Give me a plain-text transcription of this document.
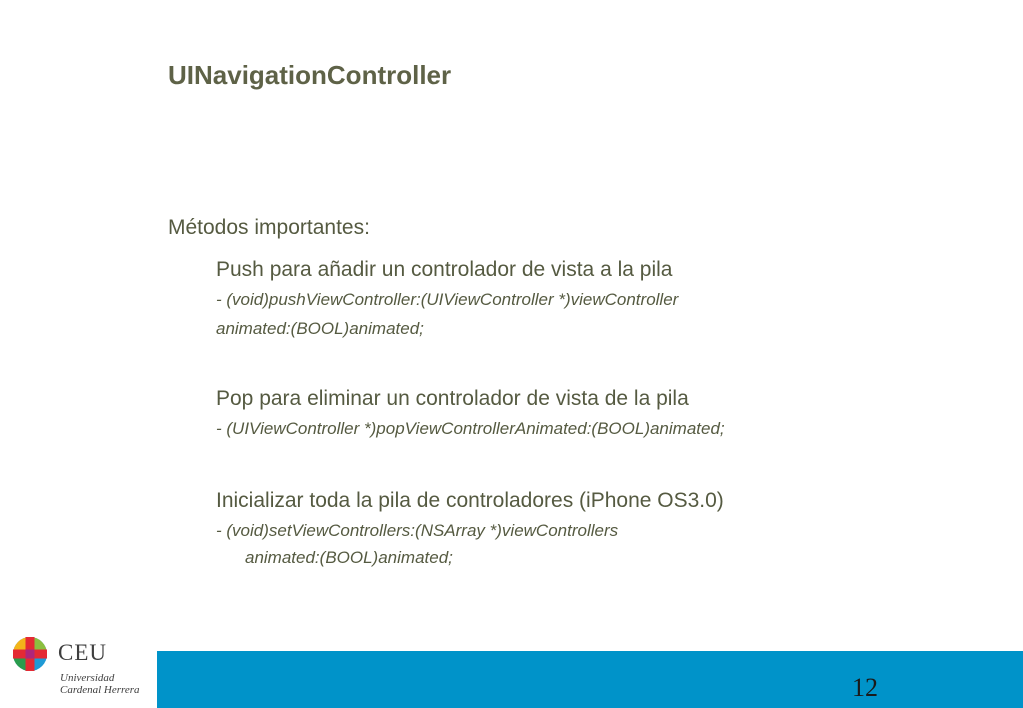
UINavigationController
Métodos importantes:
Push para añadir un controlador de vista a la pila
- (void)pushViewController:(UIViewController *)viewController
animated:(BOOL)animated;
Pop para eliminar un controlador de vista de la pila
- (UIViewController *)popViewControllerAnimated:(BOOL)animated;
Inicializar toda la pila de controladores (iPhone OS3.0)
- (void)setViewControllers:(NSArray *)viewControllers
animated:(BOOL)animated;
CEU
Universidad
Cardenal Herrera	12
